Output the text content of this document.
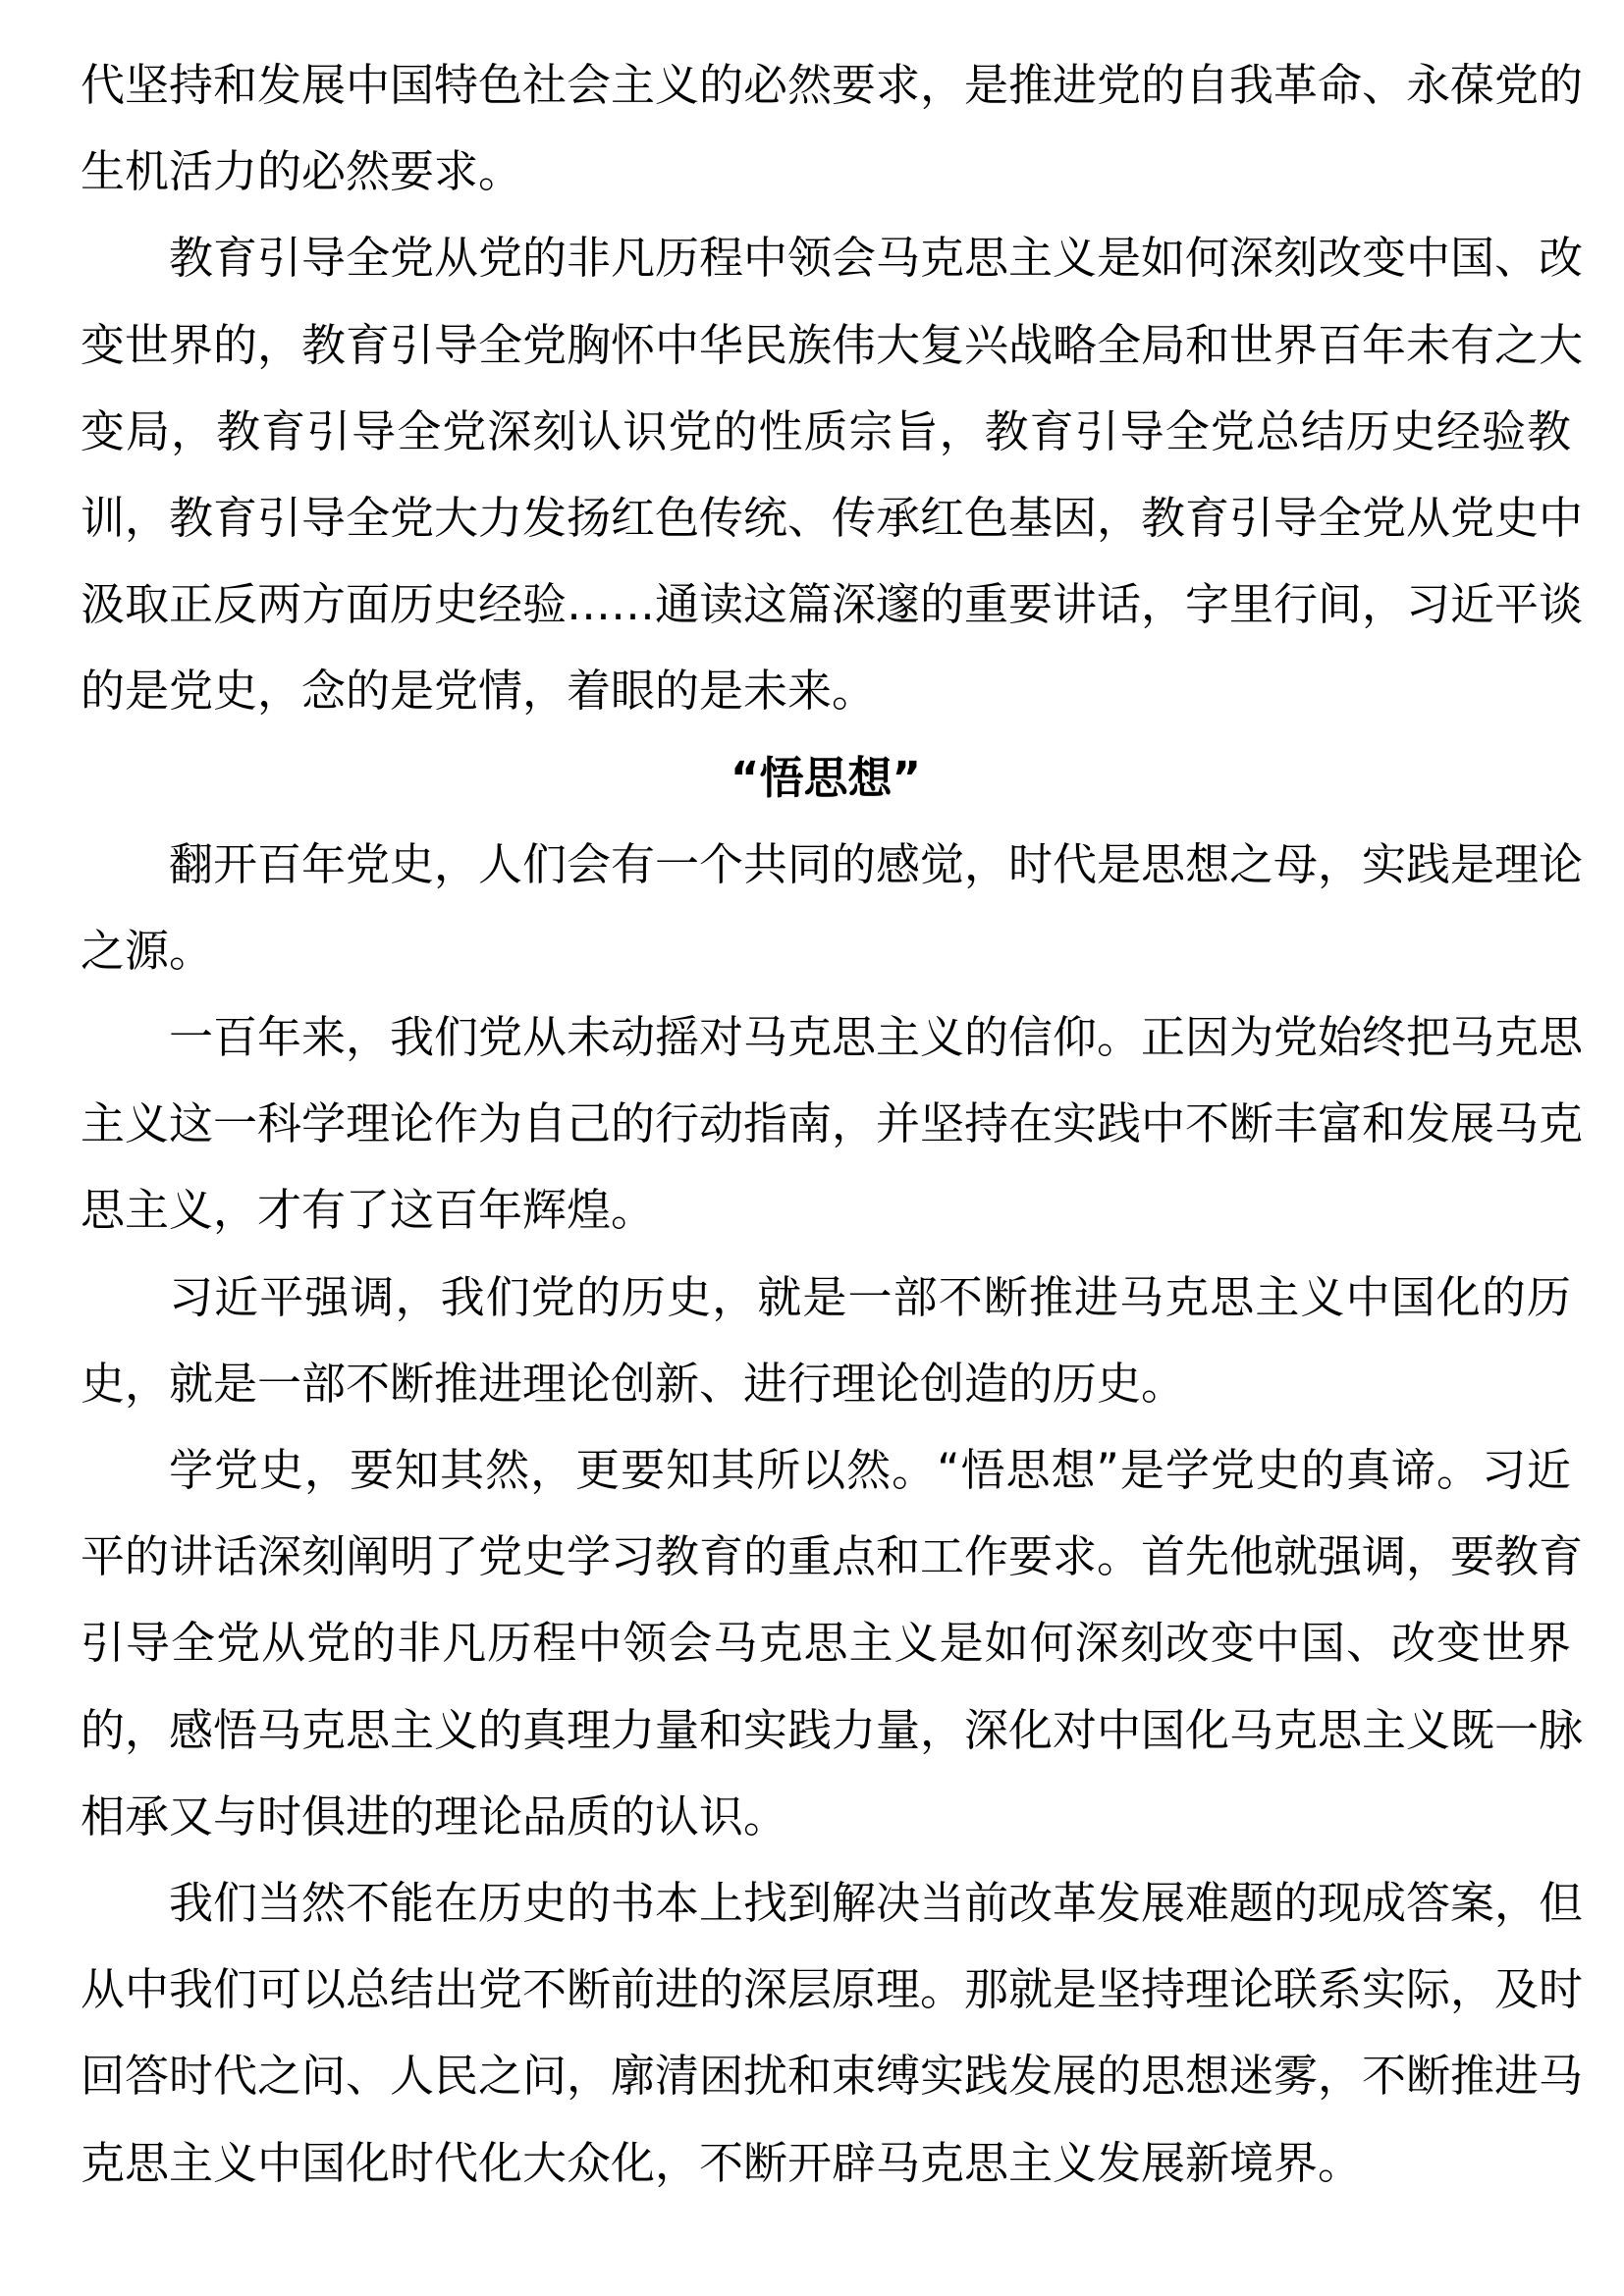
代坚持和发展中国特色社会主义的必然要求，是推进党的自我革命、永葆党的
生机活力的必然要求。
教育引导全党从党的非凡历程中领会马克思主义是如何深刻改变中国、改
变世界的，教育引导全党胸怀中华民族伟大复兴战略全局和世界百年未有之大
变局，教育引导全党深刻认识党的性质宗旨，教育引导全党总结历史经验教
训，教育引导全党大力发扬红色传统、传承红色基因，教育引导全党从党史中
汲取正反两方面历史经验……通读这篇深邃的重要讲话，字里行间，习近平谈
的是党史，念的是党情，着眼的是未来。
“悟思想”
翻开百年党史，人们会有一个共同的感觉，时代是思想之母，实践是理论
之源。
一百年来，我们党从未动摇对马克思主义的信仰。正因为党始终把马克思
主义这一科学理论作为自己的行动指南，并坚持在实践中不断丰富和发展马克
思主义，才有了这百年辉煌。
习近平强调，我们党的历史，就是一部不断推进马克思主义中国化的历
史，就是一部不断推进理论创新、进行理论创造的历史。
学党史，要知其然，更要知其所以然。“悟思想”是学党史的真谛。习近
平的讲话深刻阐明了党史学习教育的重点和工作要求。首先他就强调，要教育
引导全党从党的非凡历程中领会马克思主义是如何深刻改变中国、改变世界
的，感悟马克思主义的真理力量和实践力量，深化对中国化马克思主义既一脉
相承又与时俱进的理论品质的认识。
我们当然不能在历史的书本上找到解决当前改革发展难题的现成答案，但
从中我们可以总结出党不断前进的深层原理。那就是坚持理论联系实际，及时
回答时代之问、人民之问，廓清困扰和束缚实践发展的思想迷雾，不断推进马
克思主义中国化时代化大众化，不断开辟马克思主义发展新境界。
